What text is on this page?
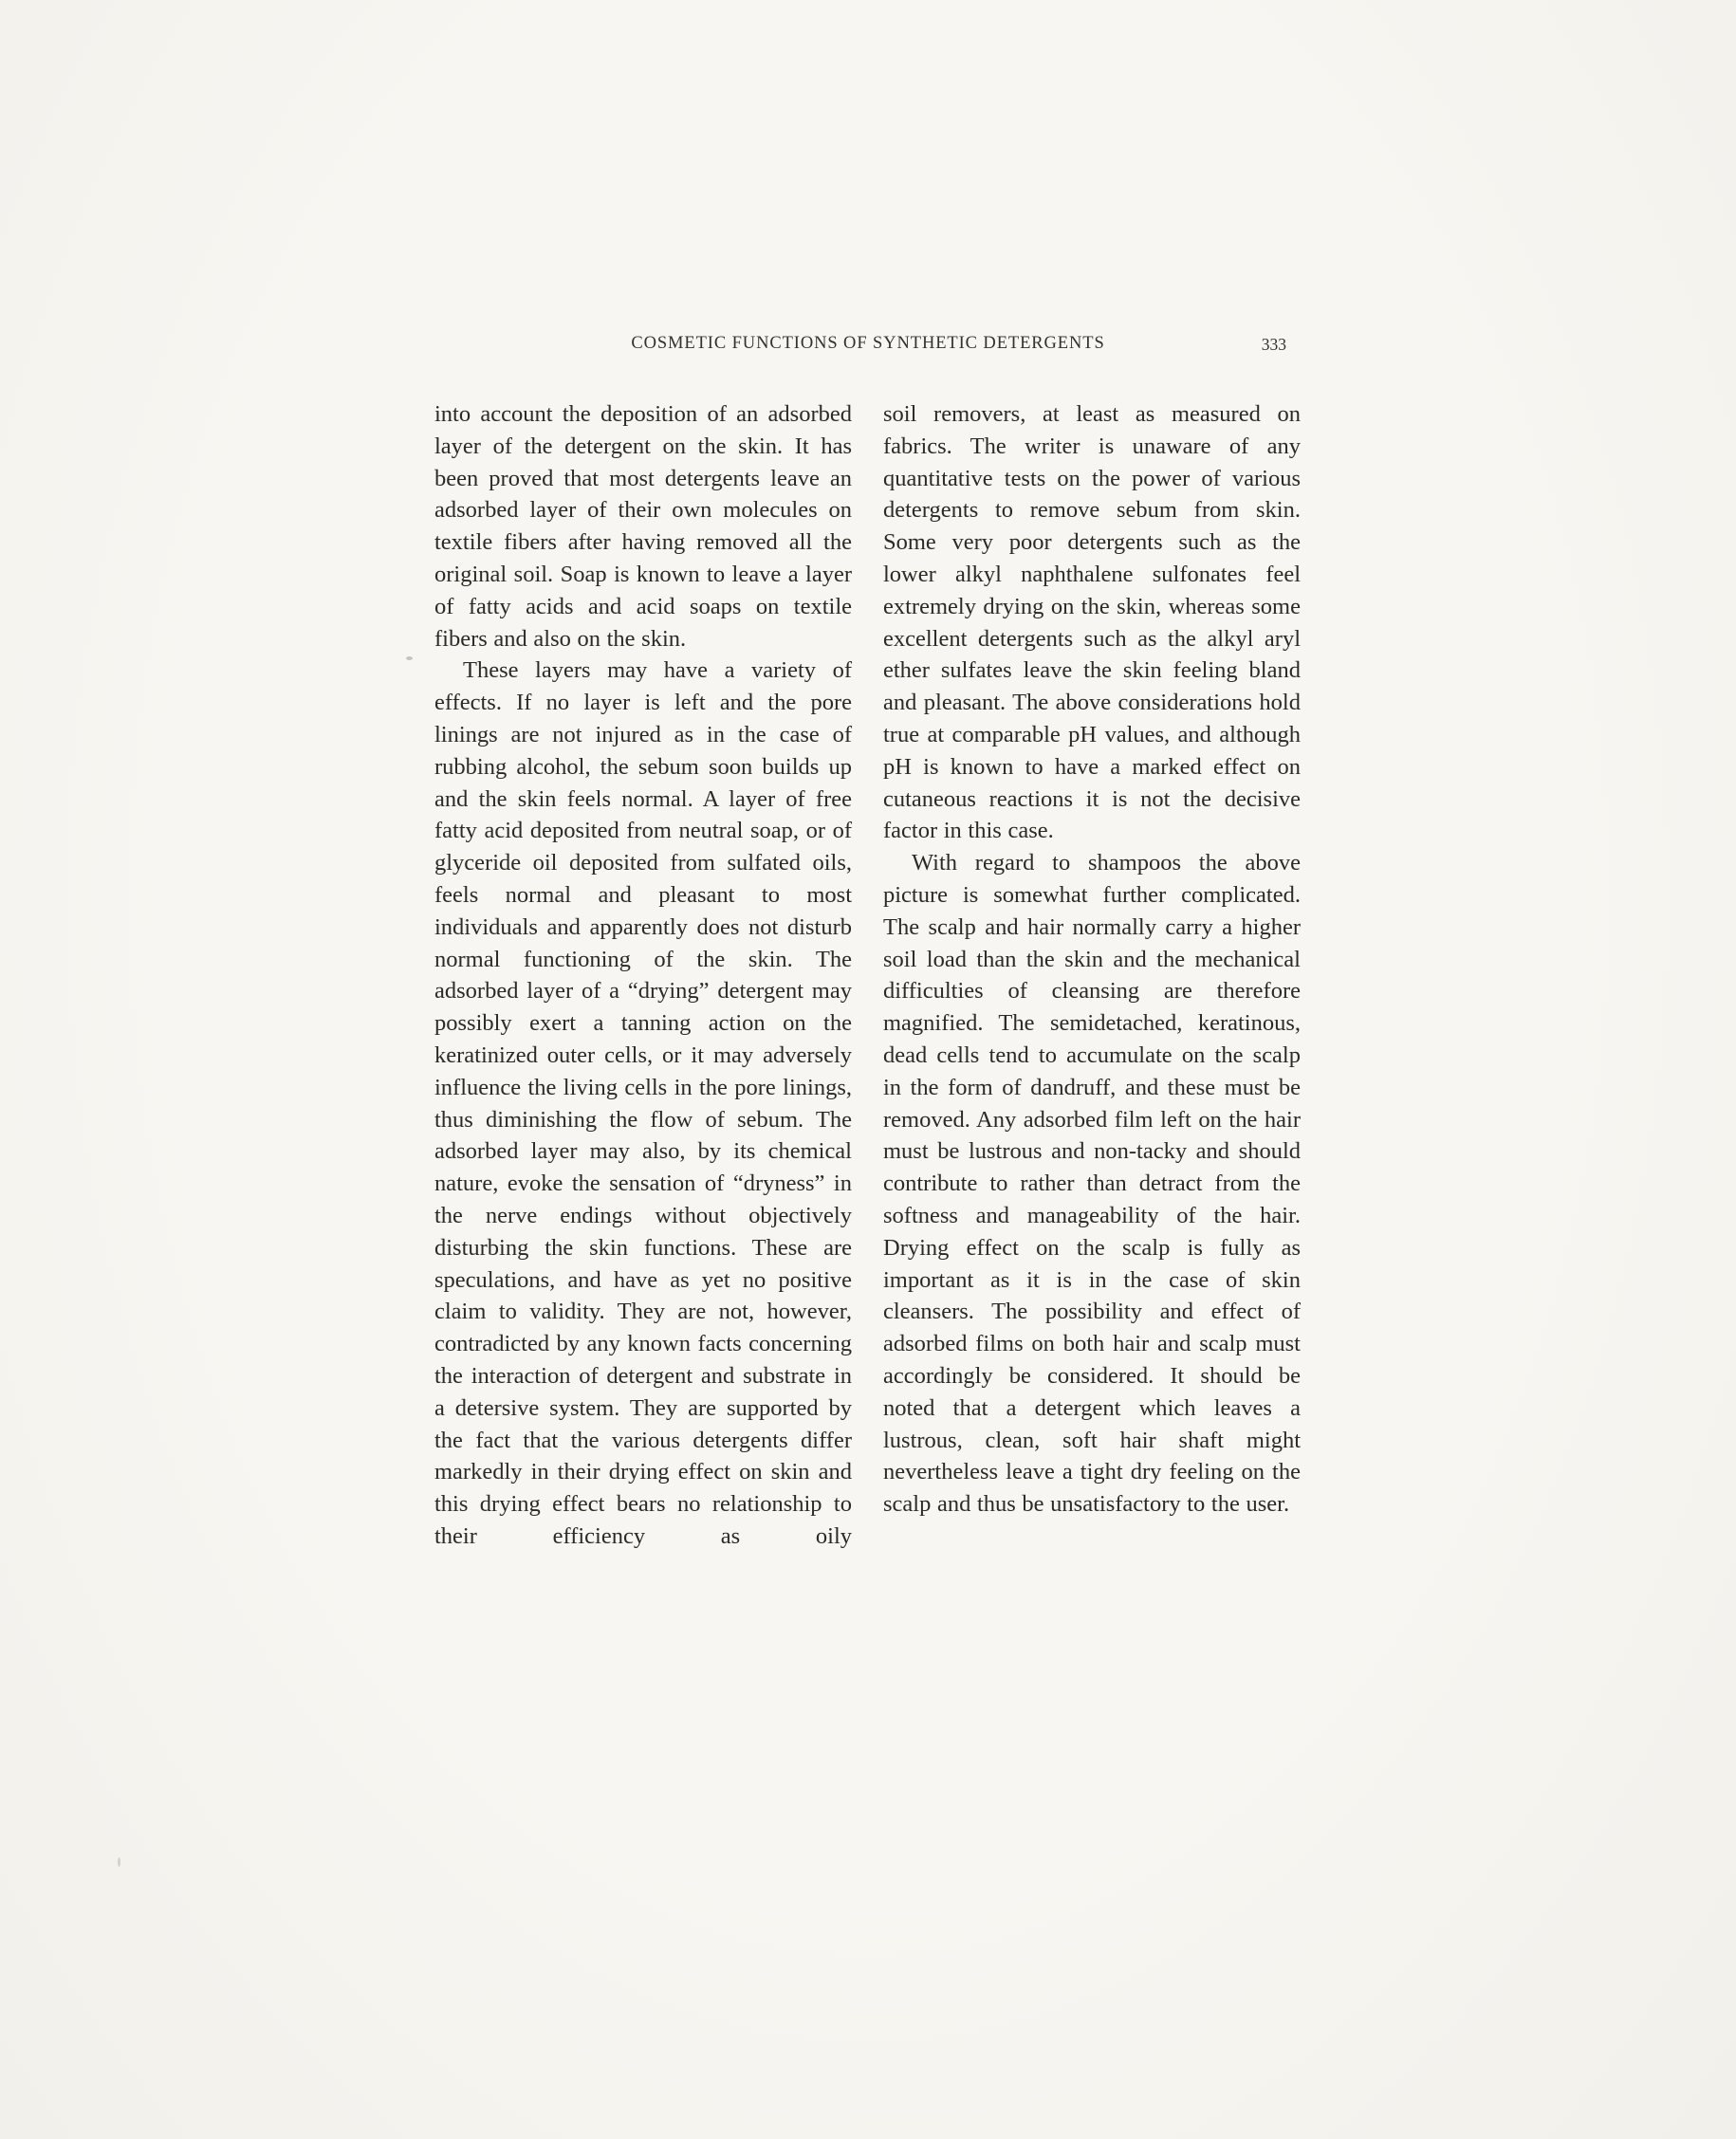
COSMETIC FUNCTIONS OF SYNTHETIC DETERGENTS	333

into account the deposition of an adsorbed layer of the detergent on the skin. It has been proved that most detergents leave an adsorbed layer of their own molecules on textile fibers after having removed all the original soil. Soap is known to leave a layer of fatty acids and acid soaps on textile fibers and also on the skin.

These layers may have a variety of effects. If no layer is left and the pore linings are not injured as in the case of rubbing alcohol, the sebum soon builds up and the skin feels normal. A layer of free fatty acid deposited from neutral soap, or of glyceride oil deposited from sulfated oils, feels normal and pleasant to most individuals and apparently does not disturb normal functioning of the skin. The adsorbed layer of a “drying” detergent may possibly exert a tanning action on the keratinized outer cells, or it may adversely influence the living cells in the pore linings, thus diminishing the flow of sebum. The adsorbed layer may also, by its chemical nature, evoke the sensation of “dryness” in the nerve endings without objectively disturbing the skin functions. These are speculations, and have as yet no positive claim to validity. They are not, however, contradicted by any known facts concerning the interaction of detergent and substrate in a detersive system. They are supported by the fact that the various detergents differ markedly in their drying effect on skin and this drying effect bears no relationship to their efficiency as oily

soil removers, at least as measured on fabrics. The writer is unaware of any quantitative tests on the power of various detergents to remove sebum from skin. Some very poor detergents such as the lower alkyl naphthalene sulfonates feel extremely drying on the skin, whereas some excellent detergents such as the alkyl aryl ether sulfates leave the skin feeling bland and pleasant. The above considerations hold true at comparable pH values, and although pH is known to have a marked effect on cutaneous reactions it is not the decisive factor in this case.

With regard to shampoos the above picture is somewhat further complicated. The scalp and hair normally carry a higher soil load than the skin and the mechanical difficulties of cleansing are therefore magnified. The semidetached, keratinous, dead cells tend to accumulate on the scalp in the form of dandruff, and these must be removed. Any adsorbed film left on the hair must be lustrous and non-tacky and should contribute to rather than detract from the softness and manageability of the hair. Drying effect on the scalp is fully as important as it is in the case of skin cleansers. The possibility and effect of adsorbed films on both hair and scalp must accordingly be considered. It should be noted that a detergent which leaves a lustrous, clean, soft hair shaft might nevertheless leave a tight dry feeling on the scalp and thus be unsatisfactory to the user.
